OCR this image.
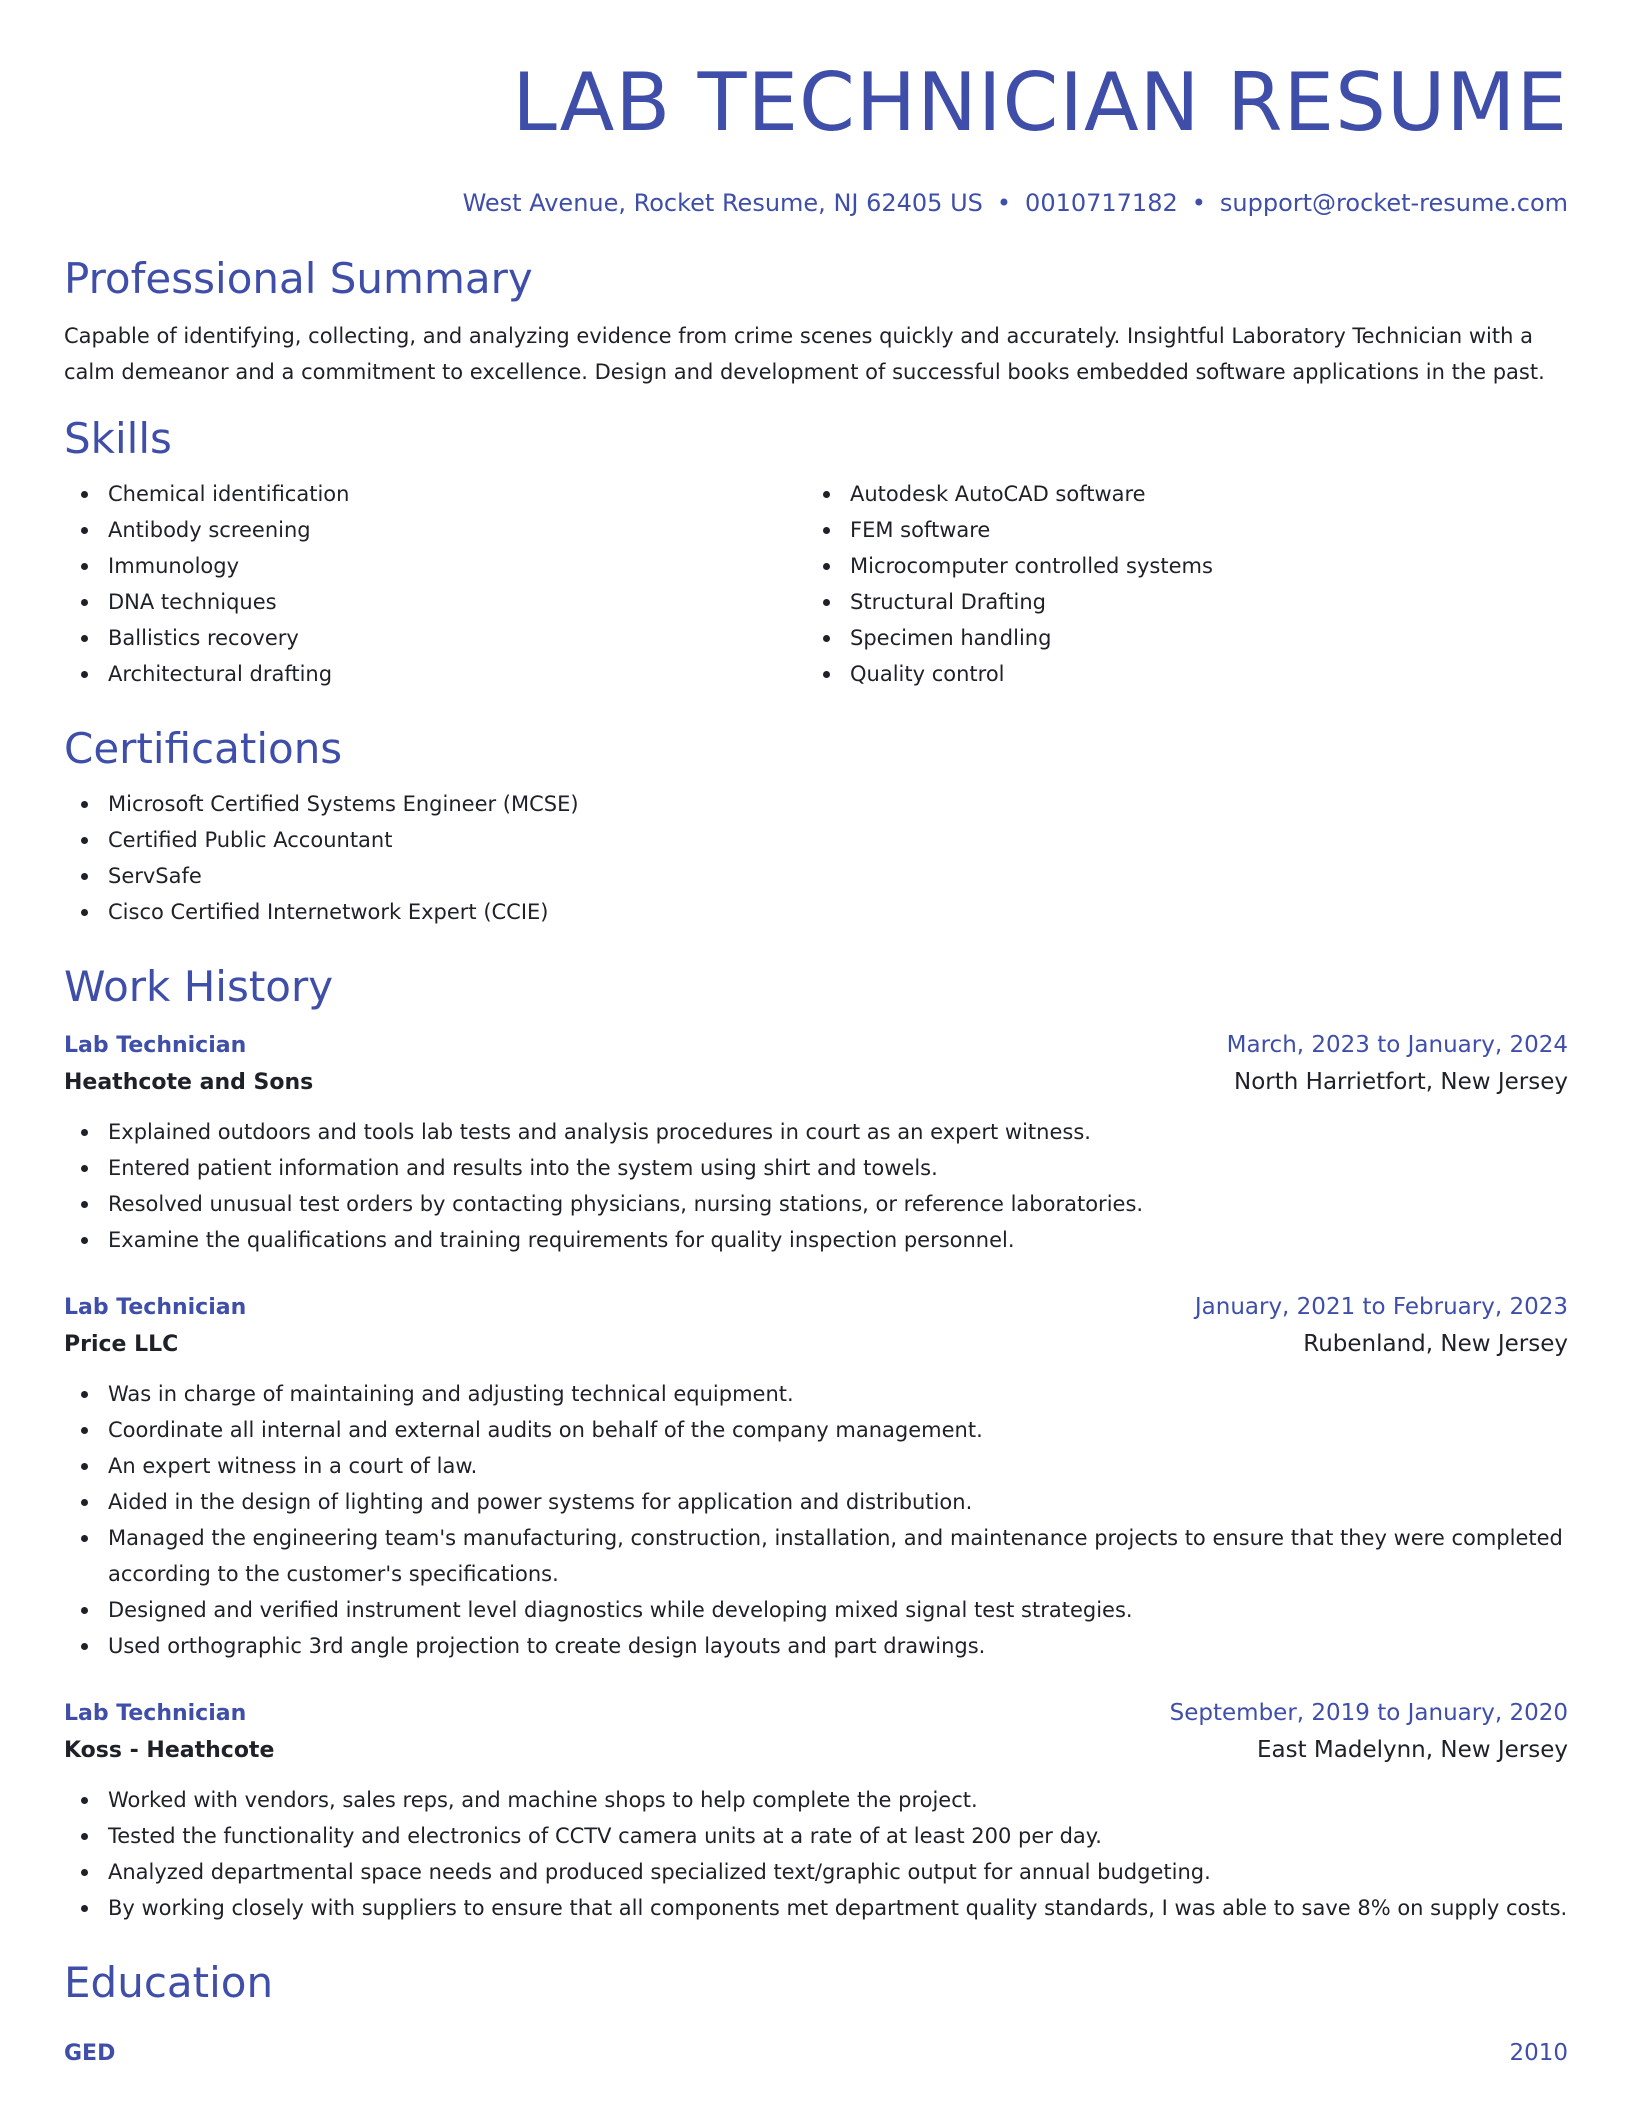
LAB TECHNICIAN RESUME
West Avenue, Rocket Resume, NJ 62405 US • 0010717182 • support@rocket-resume.com
Professional Summary

Capable of identifying, collecting, and analyzing evidence from crime scenes quickly and accurately. Insightful Laboratory Technician with a calm demeanor and a commitment to excellence. Design and development of successful books embedded software applications in the past.

Skills
Chemical identification
Antibody screening
Immunology
DNA techniques
Ballistics recovery
Architectural drafting
Autodesk AutoCAD software
FEM software
Microcomputer controlled systems
Structural Drafting
Specimen handling
Quality control
Certifications
Microsoft Certified Systems Engineer (MCSE)
Certified Public Accountant
ServSafe
Cisco Certified Internetwork Expert (CCIE)
Work History
Lab Technician	March, 2023 to January, 2024
Heathcote and Sons	North Harrietfort, New Jersey
Explained outdoors and tools lab tests and analysis procedures in court as an expert witness.
Entered patient information and results into the system using shirt and towels.
Resolved unusual test orders by contacting physicians, nursing stations, or reference laboratories.
Examine the qualifications and training requirements for quality inspection personnel.
Lab Technician	January, 2021 to February, 2023
Price LLC	Rubenland, New Jersey
Was in charge of maintaining and adjusting technical equipment.
Coordinate all internal and external audits on behalf of the company management.
An expert witness in a court of law.
Aided in the design of lighting and power systems for application and distribution.
Managed the engineering team's manufacturing, construction, installation, and maintenance projects to ensure that they were completed according to the customer's specifications.
Designed and verified instrument level diagnostics while developing mixed signal test strategies.
Used orthographic 3rd angle projection to create design layouts and part drawings.
Lab Technician	September, 2019 to January, 2020
Koss - Heathcote	East Madelynn, New Jersey
Worked with vendors, sales reps, and machine shops to help complete the project.
Tested the functionality and electronics of CCTV camera units at a rate of at least 200 per day.
Analyzed departmental space needs and produced specialized text/graphic output for annual budgeting.
By working closely with suppliers to ensure that all components met department quality standards, I was able to save 8% on supply costs.
Education
GED	2010
